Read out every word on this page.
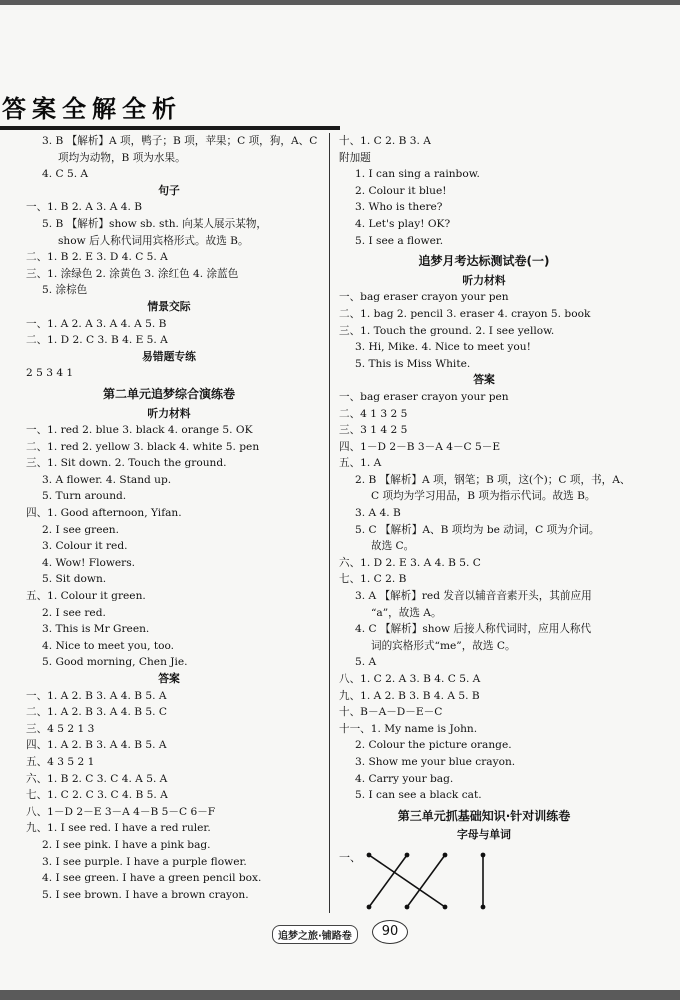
答案全解全析
3. B 【解析】A 项，鸭子；B 项，苹果；C 项，狗，A、C
项均为动物，B 项为水果。
4. C 5. A
句子
一、1. B 2. A 3. A 4. B
5. B 【解析】show sb. sth. 向某人展示某物，
show 后人称代词用宾格形式。故选 B。
二、1. B 2. E 3. D 4. C 5. A
三、1. 涂绿色 2. 涂黄色 3. 涂红色 4. 涂蓝色
5. 涂棕色
情景交际
一、1. A 2. A 3. A 4. A 5. B
二、1. D 2. C 3. B 4. E 5. A
易错题专练
2 5 3 4 1
第二单元追梦综合演练卷
听力材料
一、1. red 2. blue 3. black 4. orange 5. OK
二、1. red 2. yellow 3. black 4. white 5. pen
三、1. Sit down. 2. Touch the ground.
3. A flower. 4. Stand up.
5. Turn around.
四、1. Good afternoon, Yifan.
2. I see green.
3. Colour it red.
4. Wow! Flowers.
5. Sit down.
五、1. Colour it green.
2. I see red.
3. This is Mr Green.
4. Nice to meet you, too.
5. Good morning, Chen Jie.
答案
一、1. A 2. B 3. A 4. B 5. A
二、1. A 2. B 3. A 4. B 5. C
三、4 5 2 1 3
四、1. A 2. B 3. A 4. B 5. A
五、4 3 5 2 1
六、1. B 2. C 3. C 4. A 5. A
七、1. C 2. C 3. C 4. B 5. A
八、1－D 2－E 3－A 4－B 5－C 6－F
九、1. I see red. I have a red ruler.
2. I see pink. I have a pink bag.
3. I see purple. I have a purple flower.
4. I see green. I have a green pencil box.
5. I see brown. I have a brown crayon.
十、1. C 2. B 3. A
附加题
1. I can sing a rainbow.
2. Colour it blue!
3. Who is there?
4. Let's play! OK?
5. I see a flower.
追梦月考达标测试卷(一)
听力材料
一、bag eraser crayon your pen
二、1. bag 2. pencil 3. eraser 4. crayon 5. book
三、1. Touch the ground. 2. I see yellow.
3. Hi, Mike. 4. Nice to meet you!
5. This is Miss White.
答案
一、bag eraser crayon your pen
二、4 1 3 2 5
三、3 1 4 2 5
四、1－D 2－B 3－A 4－C 5－E
五、1. A
2. B 【解析】A 项，钢笔；B 项，这(个)；C 项，书，A、
C 项均为学习用品，B 项为指示代词。故选 B。
3. A 4. B
5. C 【解析】A、B 项均为 be 动词，C 项为介词。
故选 C。
六、1. D 2. E 3. A 4. B 5. C
七、1. C 2. B
3. A 【解析】red 发音以辅音音素开头，其前应用
“a”，故选 A。
4. C 【解析】show 后接人称代词时，应用人称代
词的宾格形式“me”，故选 C。
5. A
八、1. C 2. A 3. B 4. C 5. A
九、1. A 2. B 3. B 4. A 5. B
十、B－A－D－E－C
十一、1. My name is John.
2. Colour the picture orange.
3. Show me your blue crayon.
4. Carry your bag.
5. I can see a black cat.
第三单元抓基础知识·针对训练卷
字母与单词
一、
追梦之旅·铺路卷	90
